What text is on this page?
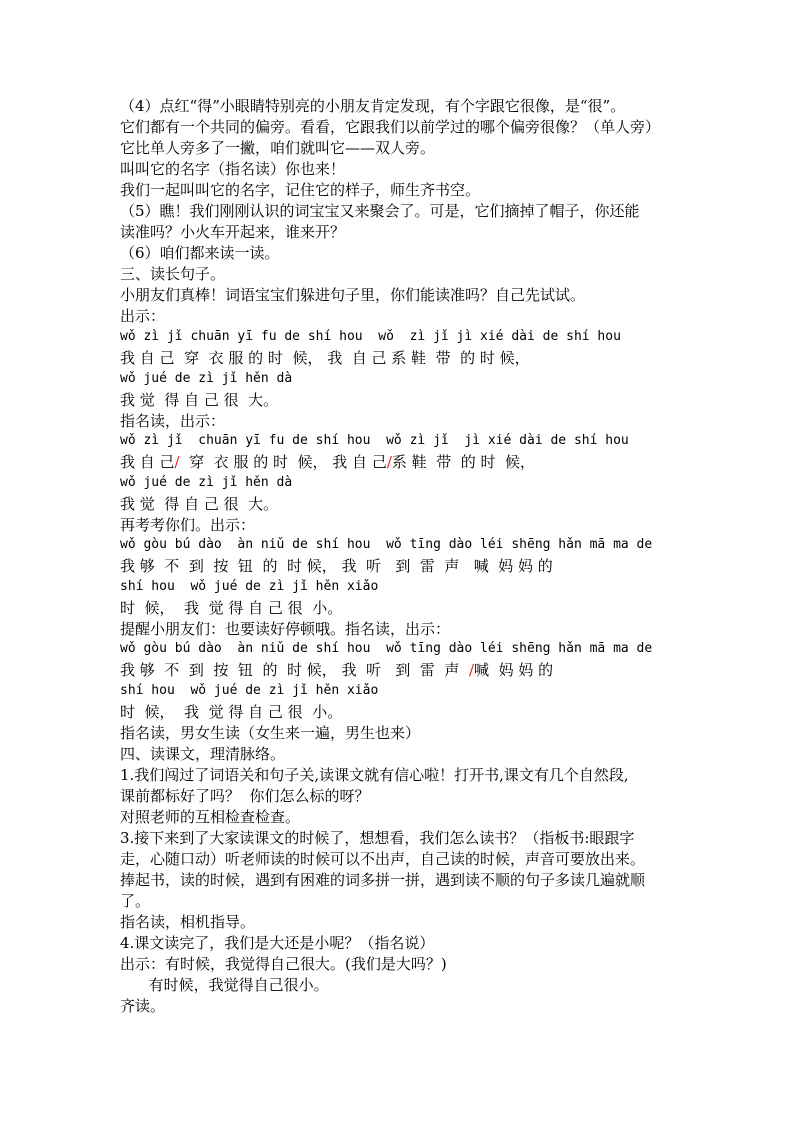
（4）点红“得”小眼睛特别亮的小朋友肯定发现，有个字跟它很像，是“很”。
它们都有一个共同的偏旁。看看，它跟我们以前学过的哪个偏旁很像？（单人旁）
它比单人旁多了一撇，咱们就叫它——双人旁。
叫叫它的名字（指名读）你也来！
我们一起叫叫它的名字，记住它的样子，师生齐书空。
（5）瞧！我们刚刚认识的词宝宝又来聚会了。可是，它们摘掉了帽子，你还能
读准吗？小火车开起来，谁来开？
（6）咱们都来读一读。
三、读长句子。
小朋友们真棒！词语宝宝们躲进句子里，你们能读准吗？自己先试试。
出示：
wǒ zì jǐ chuān yī fu de shí hou  wǒ  zì jǐ jì xié dài de shí hou
我 自 己  穿  衣 服 的 时  候， 我  自 己 系 鞋  带  的 时 候，
wǒ jué de zì jǐ hěn dà
我 觉  得 自 己 很  大。
指名读，出示：
wǒ zì jǐ  chuān yī fu de shí hou  wǒ zì jǐ  jì xié dài de shí hou
我 自 己/  穿  衣 服 的 时  候， 我 自 己/系 鞋  带  的 时  候，
wǒ jué de zì jǐ hěn dà
我 觉  得 自 己 很  大。
再考考你们。出示：
wǒ gòu bú dào  àn niǔ de shí hou  wǒ tīng dào léi shēng hǎn mā ma de
我 够  不  到  按  钮  的  时 候， 我  听   到  雷  声   喊  妈 妈 的
shí hou  wǒ jué de zì jǐ hěn xiǎo
时  候，  我  觉 得 自 己 很  小。
提醒小朋友们：也要读好停顿哦。指名读，出示：
wǒ gòu bú dào  àn niǔ de shí hou  wǒ tīng dào léi shēng hǎn mā ma de
我 够  不  到  按  钮  的  时 候， 我  听   到  雷  声  /喊  妈 妈 的
shí hou  wǒ jué de zì jǐ hěn xiǎo
时  候，  我  觉 得 自 己 很  小。
指名读，男女生读（女生来一遍，男生也来）
四、读课文，理清脉络。
1.我们闯过了词语关和句子关,读课文就有信心啦！打开书,课文有几个自然段,
课前都标好了吗？  你们怎么标的呀？
对照老师的互相检查检查。
3.接下来到了大家读课文的时候了，想想看，我们怎么读书？（指板书:眼跟字
走，心随口动）听老师读的时候可以不出声，自己读的时候，声音可要放出来。
捧起书，读的时候，遇到有困难的词多拼一拼，遇到读不顺的句子多读几遍就顺
了。
指名读，相机指导。
4.课文读完了，我们是大还是小呢？（指名说）
出示：有时候，我觉得自己很大。(我们是大吗？)
有时候，我觉得自己很小。
齐读。
